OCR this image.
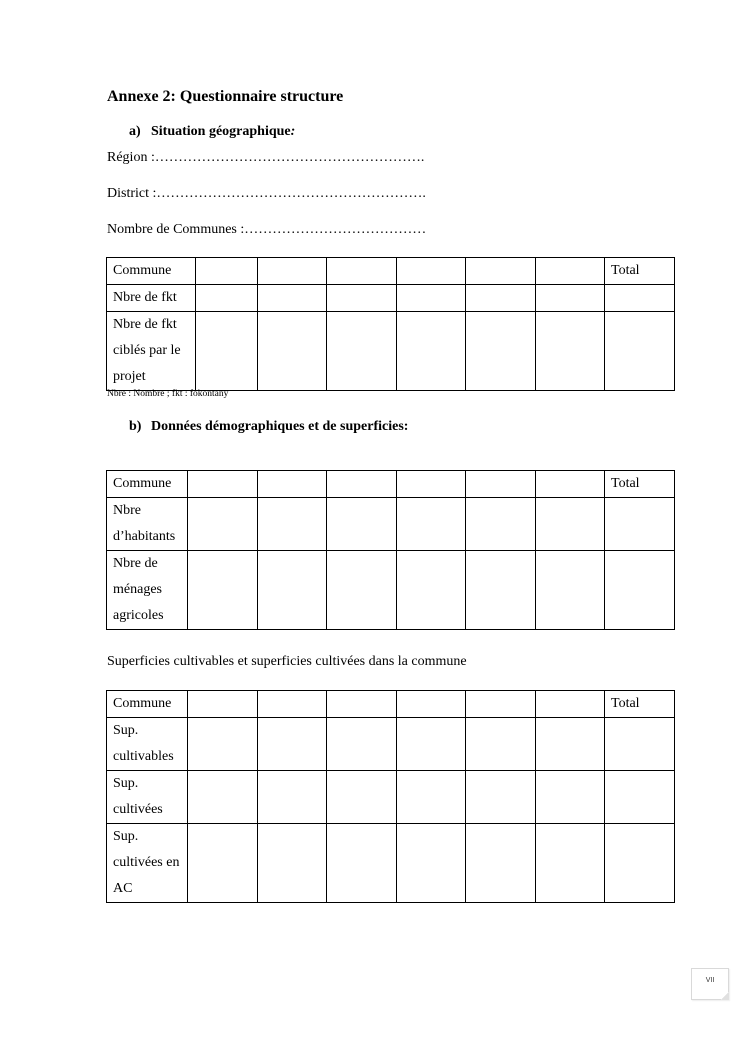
Annexe 2: Questionnaire structure
a) Situation géographique:
Région :………………………………………………….
District :………………………………………………….
Nombre de Communes :…………………………………
Commune							Total
Nbre de fkt							
Nbre de fkt ciblés par le projet							
Nbre : Nombre ; fkt : fokontany
b) Données démographiques et de superficies:
Commune							Total
Nbre d’habitants							
Nbre de ménages agricoles							
Superficies cultivables et superficies cultivées dans la commune
Commune							Total
Sup. cultivables							
Sup. cultivées							
Sup. cultivées en AC							
VII
